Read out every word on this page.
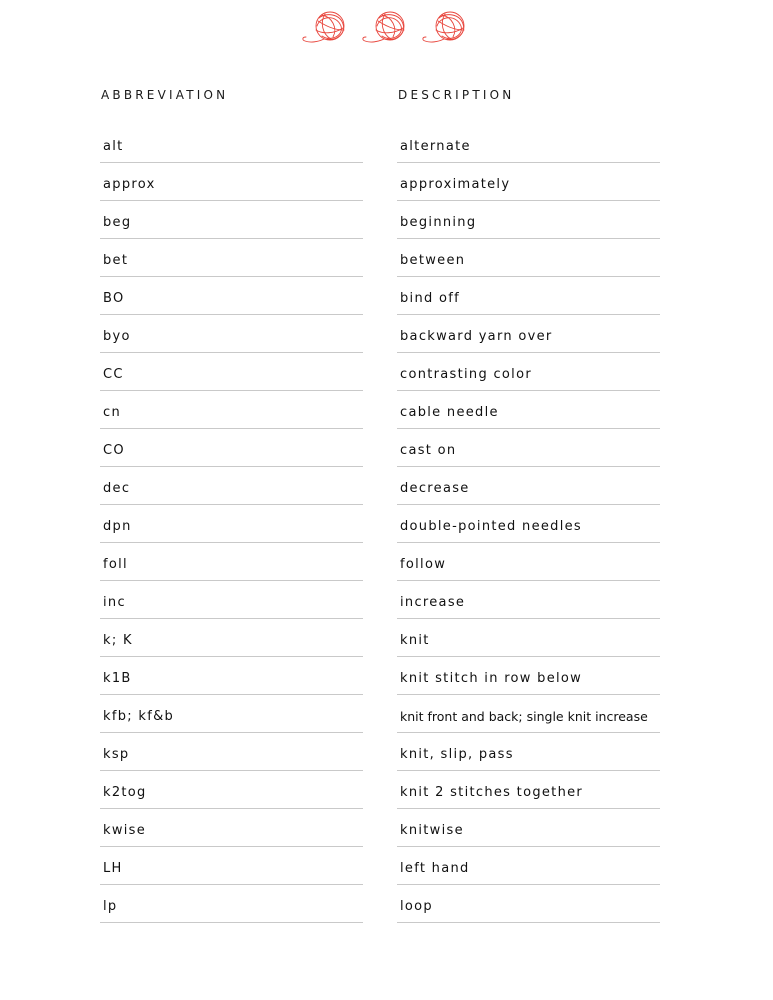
ABBREVIATION
alt
approx
beg
bet
BO
byo
CC
cn
CO
dec
dpn
foll
inc
k; K
k1B
kfb; kf&b
ksp
k2tog
kwise
LH
lp
DESCRIPTION
alternate
approximately
beginning
between
bind off
backward yarn over
contrasting color
cable needle
cast on
decrease
double-pointed needles
follow
increase
knit
knit stitch in row below
knit front and back; single knit increase
knit, slip, pass
knit 2 stitches together
knitwise
left hand
loop
